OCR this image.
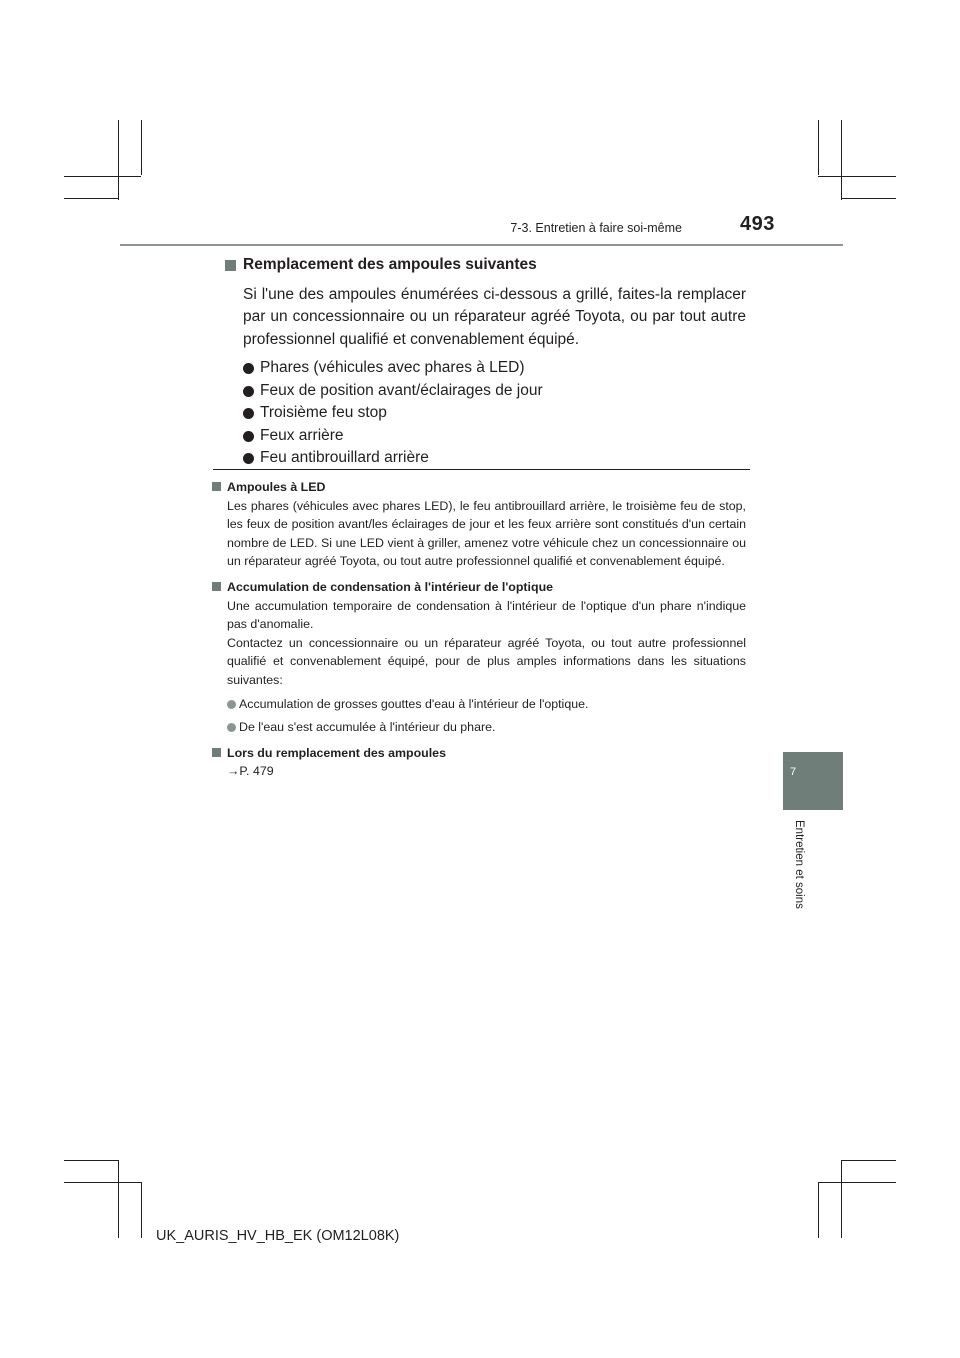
7-3. Entretien à faire soi-même	493
7
Entretien et soins
Remplacement des ampoules suivantes
Si l'une des ampoules énumérées ci-dessous a grillé, faites-la remplacer par un concessionnaire ou un réparateur agréé Toyota, ou par tout autre professionnel qualifié et convenablement équipé.
Phares (véhicules avec phares à LED)
Feux de position avant/éclairages de jour
Troisième feu stop
Feux arrière
Feu antibrouillard arrière
Ampoules à LED
Les phares (véhicules avec phares LED), le feu antibrouillard arrière, le troisième feu de stop, les feux de position avant/les éclairages de jour et les feux arrière sont constitués d'un certain nombre de LED. Si une LED vient à griller, amenez votre véhicule chez un concessionnaire ou un réparateur agréé Toyota, ou tout autre professionnel qualifié et convenablement équipé.
Accumulation de condensation à l'intérieur de l'optique
Une accumulation temporaire de condensation à l'intérieur de l'optique d'un phare n'indique pas d'anomalie.
Contactez un concessionnaire ou un réparateur agréé Toyota, ou tout autre professionnel qualifié et convenablement équipé, pour de plus amples informations dans les situations suivantes:
Accumulation de grosses gouttes d'eau à l'intérieur de l'optique.
De l'eau s'est accumulée à l'intérieur du phare.
Lors du remplacement des ampoules
→P. 479
UK_AURIS_HV_HB_EK (OM12L08K)
